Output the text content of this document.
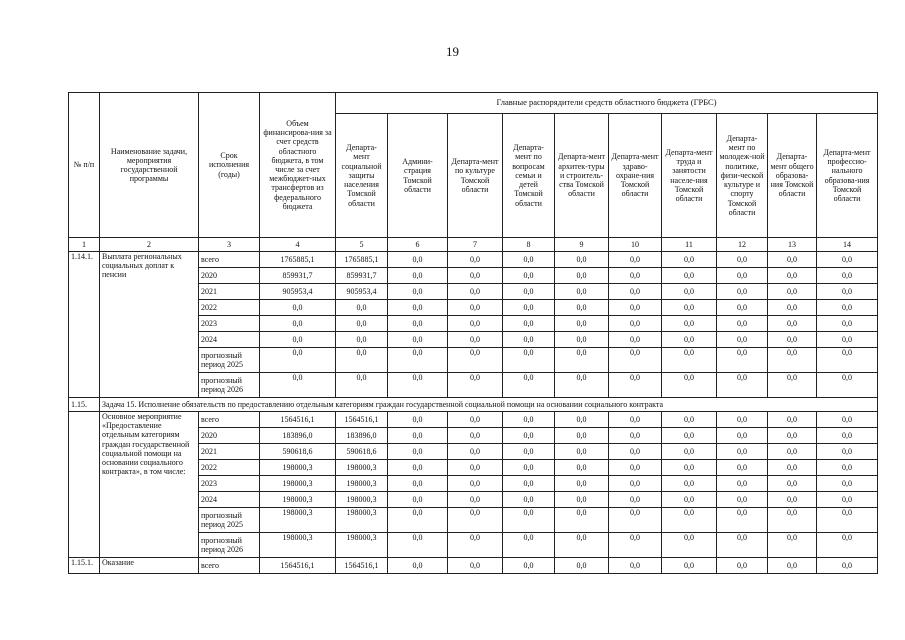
19
№ п/п	Наименование задачи, мероприятия государственной программы	Срок исполнения (годы)	Объем финансирова-ния за счет средств областного бюджета, в том числе за счет межбюджет-ных трансфертов из федерального бюджета	Главные распорядители средств областного бюджета (ГРБС)									
				Департа-мент социальной защиты населения Томской области	Админи-страция Томской области	Департа-мент по культуре Томской области	Департа-мент по вопросам семьи и детей Томской области	Департа-мент архитек-туры и строитель-ства Томской области	Департа-мент здраво-охране-ния Томской области	Департа-мент труда и занятости населе-ния Томской области	Департа-мент по молодеж-ной политике, физи-ческой культуре и спорту Томской области	Департа-мент общего образова-ния Томской области	Департа-мент профессио-нального образова-ния Томской области
1	2	3	4	5	6	7	8	9	10	11	12	13	14
1.14.1.	Выплата региональных социальных доплат к пенсии	всего	1765885,1	1765885,1	0,0	0,0	0,0	0,0	0,0	0,0	0,0	0,0	0,0
		2020	859931,7	859931,7	0,0	0,0	0,0	0,0	0,0	0,0	0,0	0,0	0,0
		2021	905953,4	905953,4	0,0	0,0	0,0	0,0	0,0	0,0	0,0	0,0	0,0
		2022	0,0	0,0	0,0	0,0	0,0	0,0	0,0	0,0	0,0	0,0	0,0
		2023	0,0	0,0	0,0	0,0	0,0	0,0	0,0	0,0	0,0	0,0	0,0
		2024	0,0	0,0	0,0	0,0	0,0	0,0	0,0	0,0	0,0	0,0	0,0
		прогнозный период 2025	0,0	0,0	0,0	0,0	0,0	0,0	0,0	0,0	0,0	0,0	0,0
		прогнозный период 2026	0,0	0,0	0,0	0,0	0,0	0,0	0,0	0,0	0,0	0,0	0,0
1.15.	Задача 15. Исполнение обязательств по предоставлению отдельным категориям граждан государственной социальной помощи на основании социального контракта												
	Основное мероприятие «Предоставление отдельным категориям граждан государственной социальной помощи на основании социального контракта», в том числе:	всего	1564516,1	1564516,1	0,0	0,0	0,0	0,0	0,0	0,0	0,0	0,0	0,0
		2020	183896,0	183896,0	0,0	0,0	0,0	0,0	0,0	0,0	0,0	0,0	0,0
		2021	590618,6	590618,6	0,0	0,0	0,0	0,0	0,0	0,0	0,0	0,0	0,0
		2022	198000,3	198000,3	0,0	0,0	0,0	0,0	0,0	0,0	0,0	0,0	0,0
		2023	198000,3	198000,3	0,0	0,0	0,0	0,0	0,0	0,0	0,0	0,0	0,0
		2024	198000,3	198000,3	0,0	0,0	0,0	0,0	0,0	0,0	0,0	0,0	0,0
		прогнозный период 2025	198000,3	198000,3	0,0	0,0	0,0	0,0	0,0	0,0	0,0	0,0	0,0
		прогнозный период 2026	198000,3	198000,3	0,0	0,0	0,0	0,0	0,0	0,0	0,0	0,0	0,0
1.15.1.	Оказание	всего	1564516,1	1564516,1	0,0	0,0	0,0	0,0	0,0	0,0	0,0	0,0	0,0
